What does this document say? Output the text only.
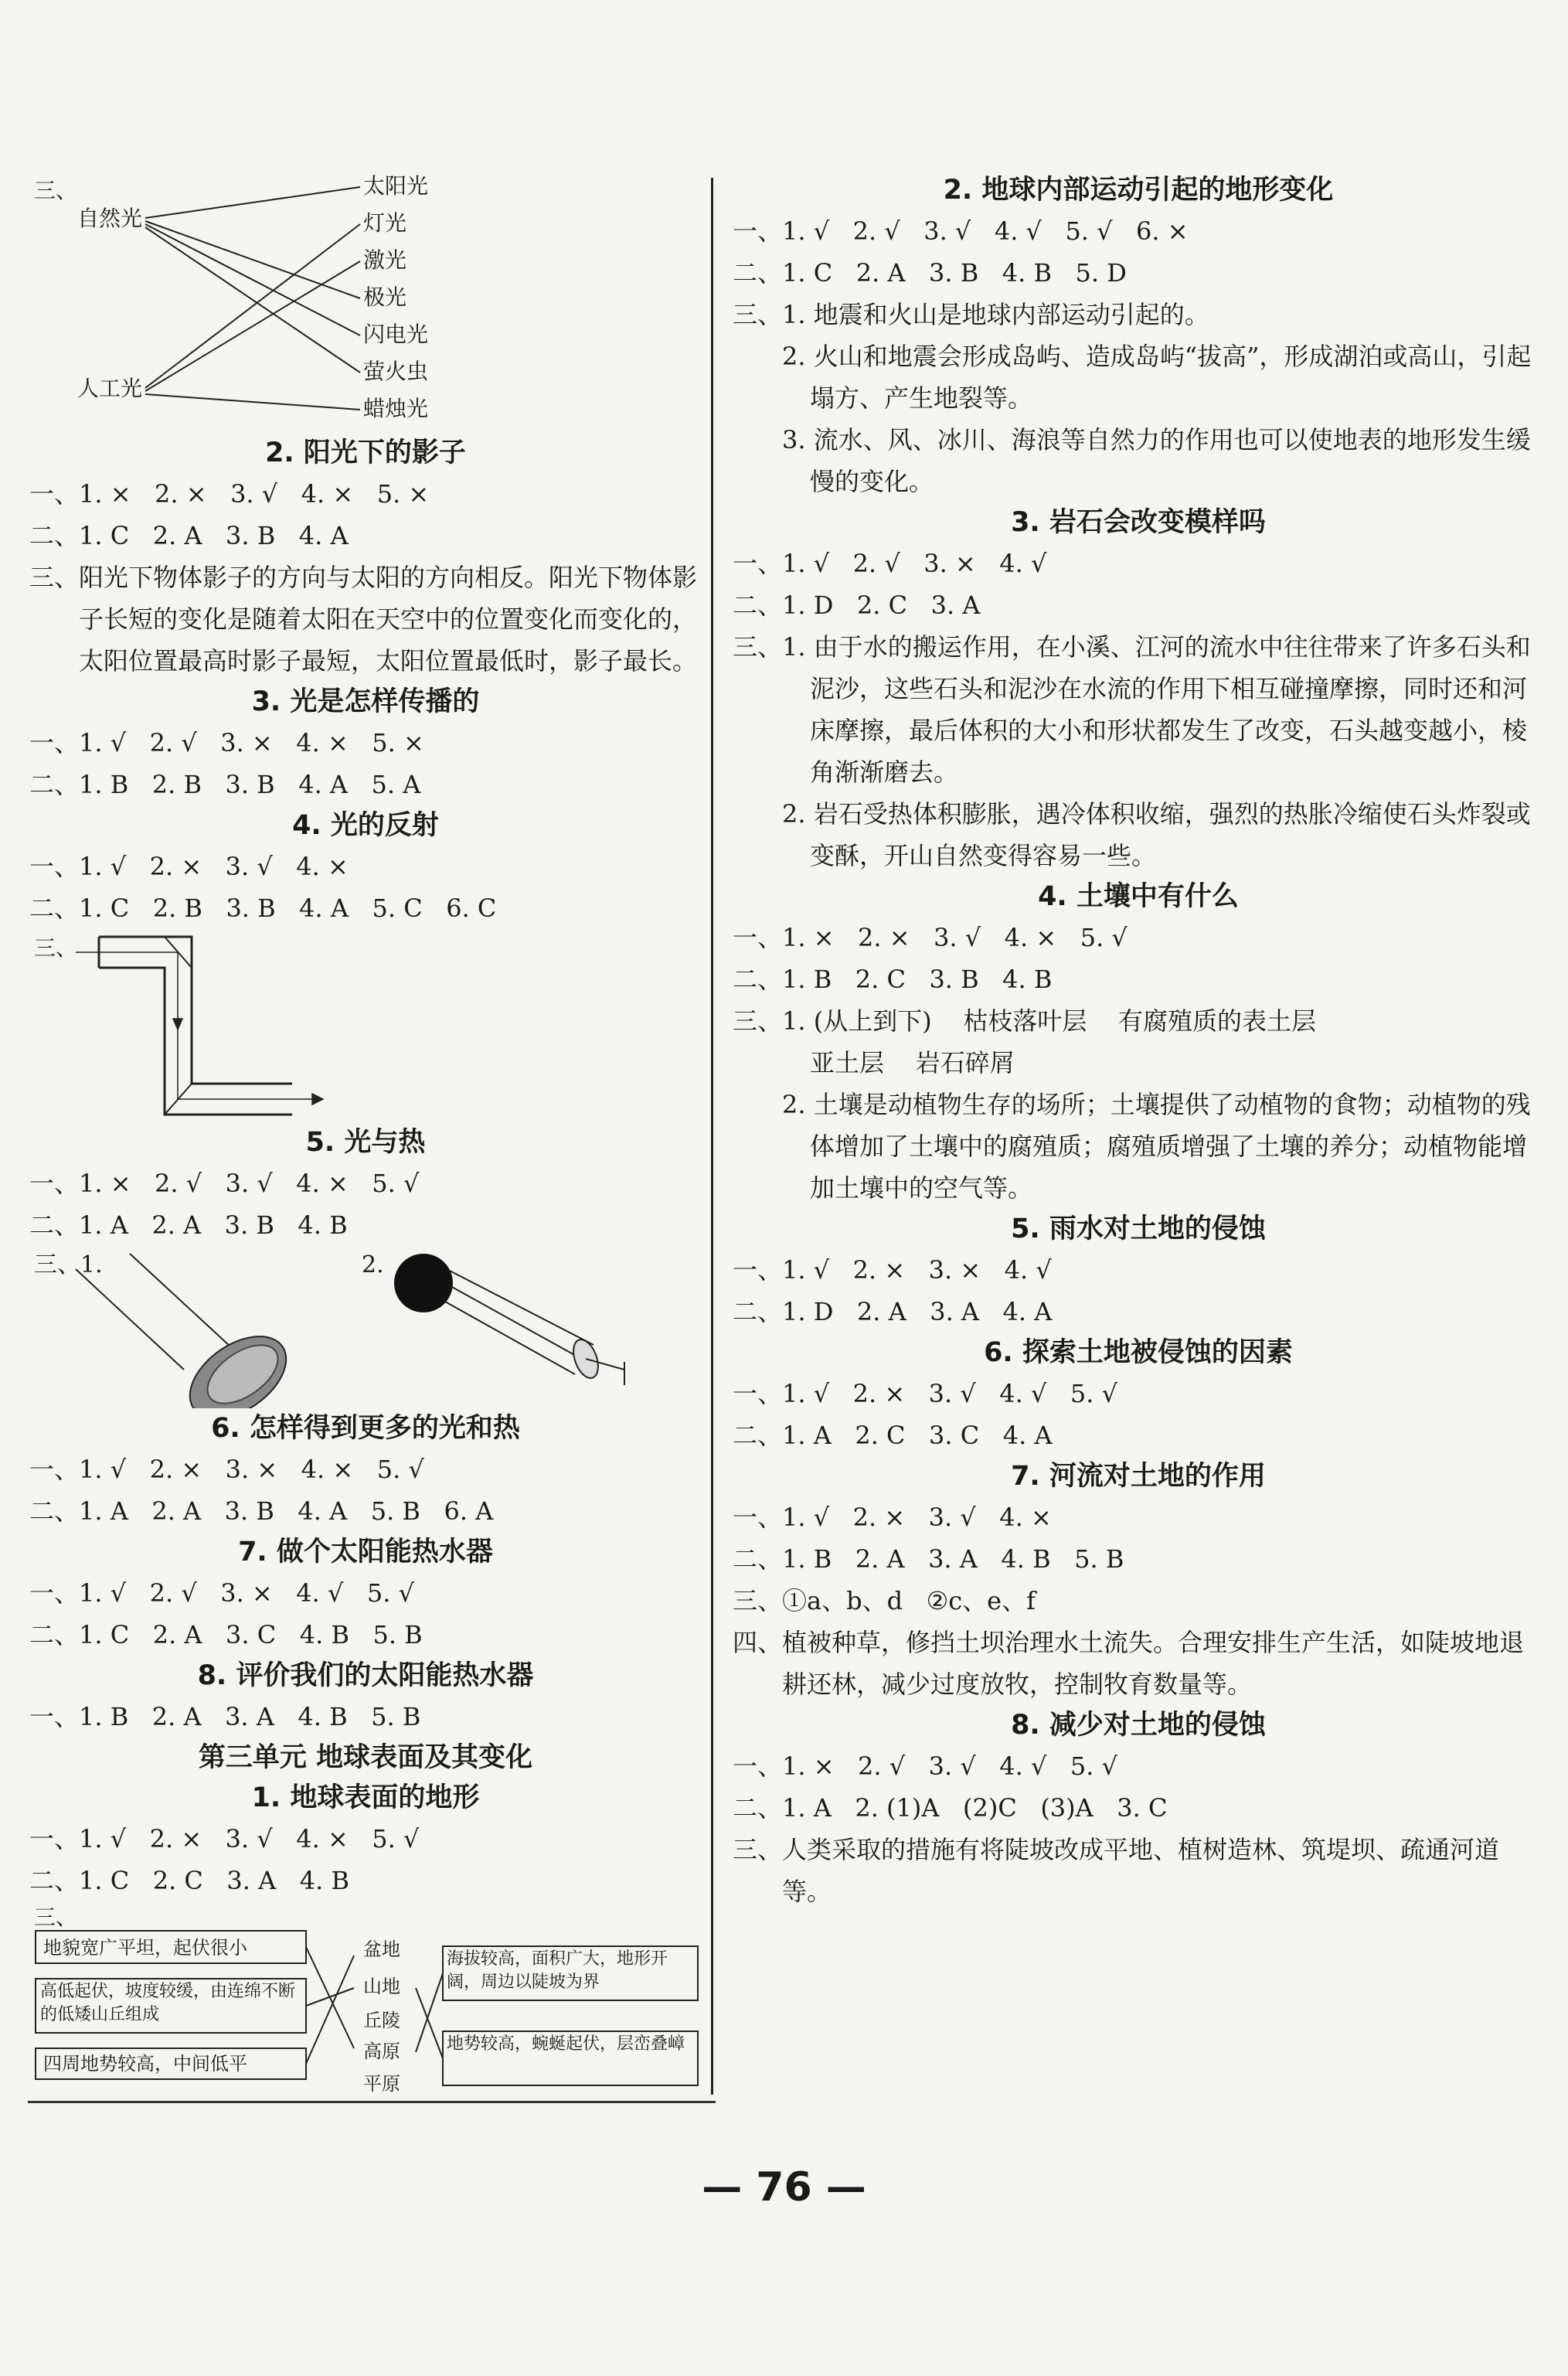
三、
自然光
人工光
太阳光
灯光
激光
极光
闪电光
萤火虫
蜡烛光
2. 阳光下的影子
一、1. ×   2. ×   3. √   4. ×   5. ×
二、1. C   2. A   3. B   4. A
三、阳光下物体影子的方向与太阳的方向相反。阳光下物体影子长短的变化是随着太阳在天空中的位置变化而变化的，太阳位置最高时影子最短，太阳位置最低时，影子最长。
3. 光是怎样传播的
一、1. √   2. √   3. ×   4. ×   5. ×
二、1. B   2. B   3. B   4. A   5. A
4. 光的反射
一、1. √   2. ×   3. √   4. ×
二、1. C   2. B   3. B   4. A   5. C   6. C
三、
5. 光与热
一、1. ×   2. √   3. √   4. ×   5. √
二、1. A   2. A   3. B   4. B
三、1.	2.
6. 怎样得到更多的光和热
一、1. √   2. ×   3. ×   4. ×   5. √
二、1. A   2. A   3. B   4. A   5. B   6. A
7. 做个太阳能热水器
一、1. √   2. √   3. ×   4. √   5. √
二、1. C   2. A   3. C   4. B   5. B
8. 评价我们的太阳能热水器
一、1. B   2. A   3. A   4. B   5. B
第三单元 地球表面及其变化
1. 地球表面的地形
一、1. √   2. ×   3. √   4. ×   5. √
二、1. C   2. C   3. A   4. B
三、
地貌宽广平坦，起伏很小
高低起伏，坡度较缓，由连绵不断的低矮山丘组成
四周地势较高，中间低平
盆地
山地
丘陵
高原
平原
海拔较高，面积广大，地形开阔，周边以陡坡为界
地势较高，蜿蜒起伏，层峦叠嶂
2. 地球内部运动引起的地形变化
一、1. √   2. √   3. √   4. √   5. √   6. ×
二、1. C   2. A   3. B   4. B   5. D
三、1. 地震和火山是地球内部运动引起的。
2. 火山和地震会形成岛屿、造成岛屿“拔高”，形成湖泊或高山，引起塌方、产生地裂等。
3. 流水、风、冰川、海浪等自然力的作用也可以使地表的地形发生缓慢的变化。
3. 岩石会改变模样吗
一、1. √   2. √   3. ×   4. √
二、1. D   2. C   3. A
三、1. 由于水的搬运作用，在小溪、江河的流水中往往带来了许多石头和泥沙，这些石头和泥沙在水流的作用下相互碰撞摩擦，同时还和河床摩擦，最后体积的大小和形状都发生了改变，石头越变越小，棱角渐渐磨去。
2. 岩石受热体积膨胀，遇冷体积收缩，强烈的热胀冷缩使石头炸裂或变酥，开山自然变得容易一些。
4. 土壤中有什么
一、1. ×   2. ×   3. √   4. ×   5. √
二、1. B   2. C   3. B   4. B
三、1. (从上到下)    枯枝落叶层    有腐殖质的表土层
亚土层    岩石碎屑
2. 土壤是动植物生存的场所；土壤提供了动植物的食物；动植物的残体增加了土壤中的腐殖质；腐殖质增强了土壤的养分；动植物能增加土壤中的空气等。
5. 雨水对土地的侵蚀
一、1. √   2. ×   3. ×   4. √
二、1. D   2. A   3. A   4. A
6. 探索土地被侵蚀的因素
一、1. √   2. ×   3. √   4. √   5. √
二、1. A   2. C   3. C   4. A
7. 河流对土地的作用
一、1. √   2. ×   3. √   4. ×
二、1. B   2. A   3. A   4. B   5. B
三、①a、b、d   ②c、e、f
四、植被种草，修挡土坝治理水土流失。合理安排生产生活，如陡坡地退耕还林，减少过度放牧，控制牧育数量等。
8. 减少对土地的侵蚀
一、1. ×   2. √   3. √   4. √   5. √
二、1. A   2. (1)A   (2)C   (3)A   3. C
三、人类采取的措施有将陡坡改成平地、植树造林、筑堤坝、疏通河道等。
— 76 —
